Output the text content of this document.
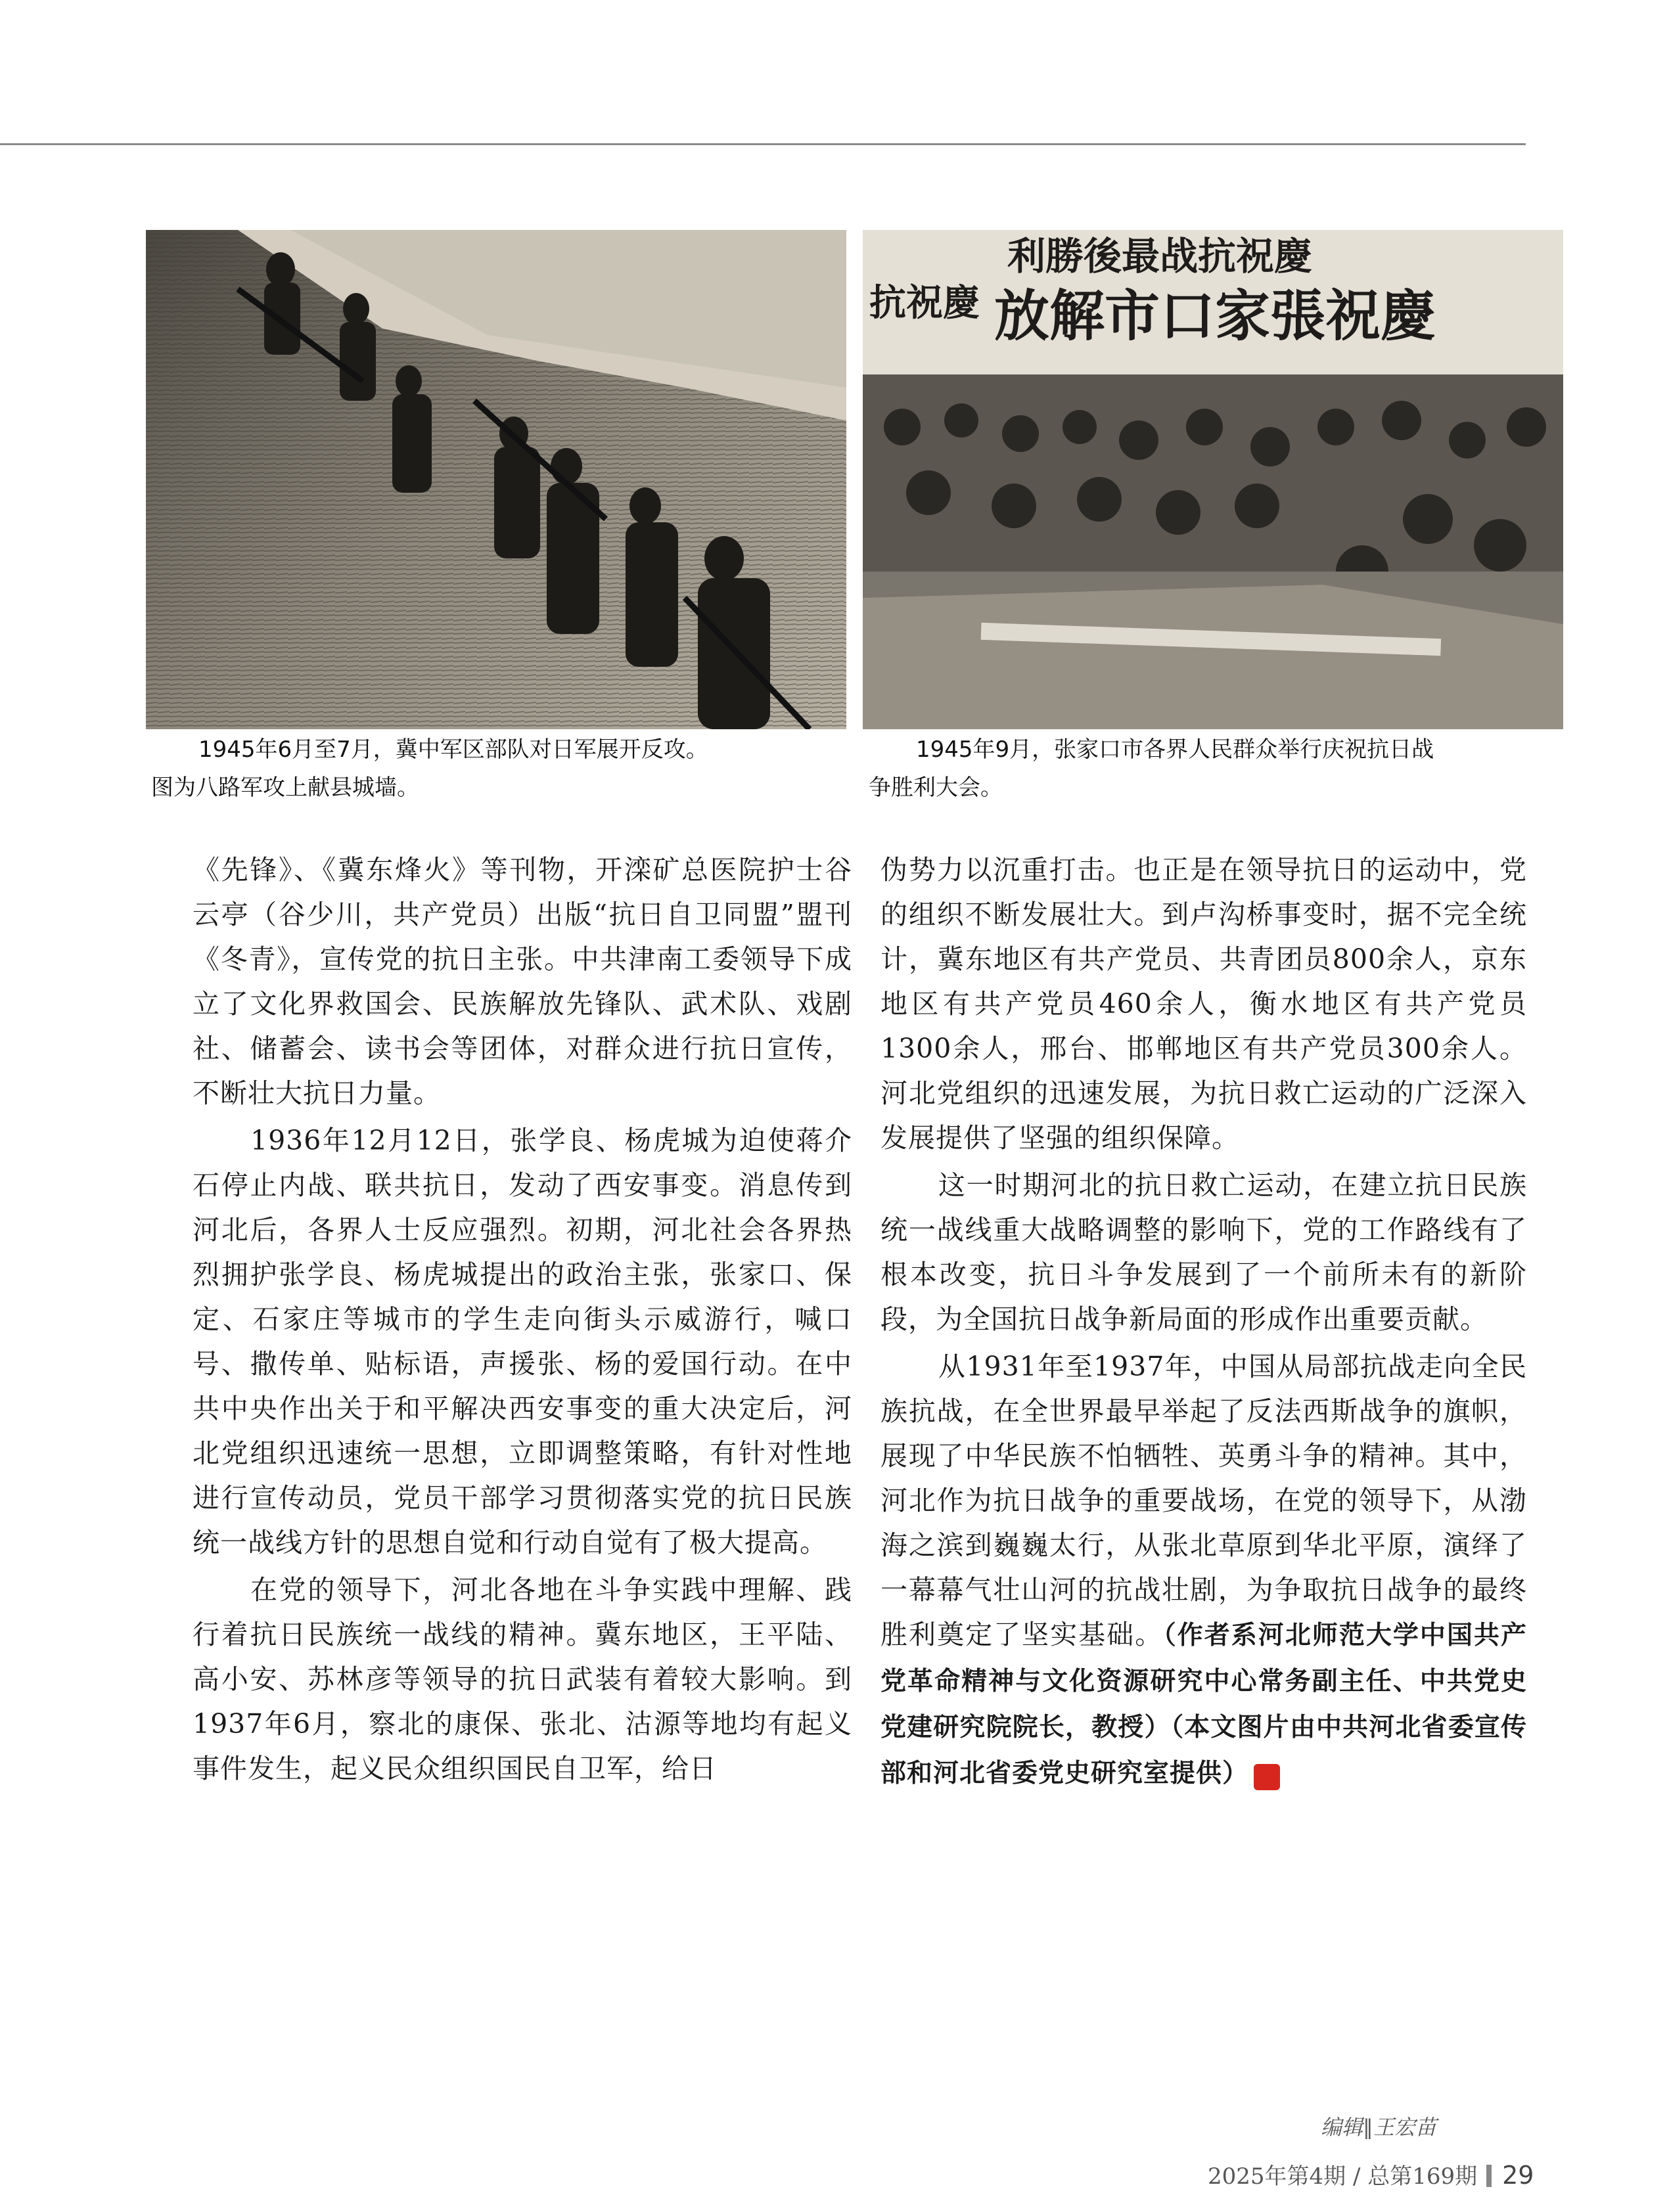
利勝後最战抗祝慶
放解市口家張祝慶
抗祝慶
1945年6月至7月，冀中军区部队对日军展开反攻。
图为八路军攻上献县城墙。
1945年9月，张家口市各界人民群众举行庆祝抗日战
争胜利大会。

《先锋》、《冀东烽火》等刊物，开滦矿总医院护士谷云亭（谷少川，共产党员）出版“抗日自卫同盟”盟刊《冬青》，宣传党的抗日主张。中共津南工委领导下成立了文化界救国会、民族解放先锋队、武术队、戏剧社、储蓄会、读书会等团体，对群众进行抗日宣传，不断壮大抗日力量。

1936年12月12日，张学良、杨虎城为迫使蒋介石停止内战、联共抗日，发动了西安事变。消息传到河北后，各界人士反应强烈。初期，河北社会各界热烈拥护张学良、杨虎城提出的政治主张，张家口、保定、石家庄等城市的学生走向街头示威游行，喊口号、撒传单、贴标语，声援张、杨的爱国行动。在中共中央作出关于和平解决西安事变的重大决定后，河北党组织迅速统一思想，立即调整策略，有针对性地进行宣传动员，党员干部学习贯彻落实党的抗日民族统一战线方针的思想自觉和行动自觉有了极大提高。

在党的领导下，河北各地在斗争实践中理解、践行着抗日民族统一战线的精神。冀东地区，王平陆、高小安、苏林彦等领导的抗日武装有着较大影响。到1937年6月，察北的康保、张北、沽源等地均有起义事件发生，起义民众组织国民自卫军，给日

伪势力以沉重打击。也正是在领导抗日的运动中，党的组织不断发展壮大。到卢沟桥事变时，据不完全统计，冀东地区有共产党员、共青团员800余人，京东地区有共产党员460余人，衡水地区有共产党员1300余人，邢台、邯郸地区有共产党员300余人。河北党组织的迅速发展，为抗日救亡运动的广泛深入发展提供了坚强的组织保障。

这一时期河北的抗日救亡运动，在建立抗日民族统一战线重大战略调整的影响下，党的工作路线有了根本改变，抗日斗争发展到了一个前所未有的新阶段，为全国抗日战争新局面的形成作出重要贡献。

从1931年至1937年，中国从局部抗战走向全民族抗战，在全世界最早举起了反法西斯战争的旗帜，展现了中华民族不怕牺牲、英勇斗争的精神。其中，河北作为抗日战争的重要战场，在党的领导下，从渤海之滨到巍巍太行，从张北草原到华北平原，演绎了一幕幕气壮山河的抗战壮剧，为争取抗日战争的最终胜利奠定了坚实基础。（作者系河北师范大学中国共产党革命精神与文化资源研究中心常务副主任、中共党史党建研究院院长，教授）（本文图片由中共河北省委宣传部和河北省委党史研究室提供）	G

编辑∥王宏苗
2025年第4期 / 总第169期 29
